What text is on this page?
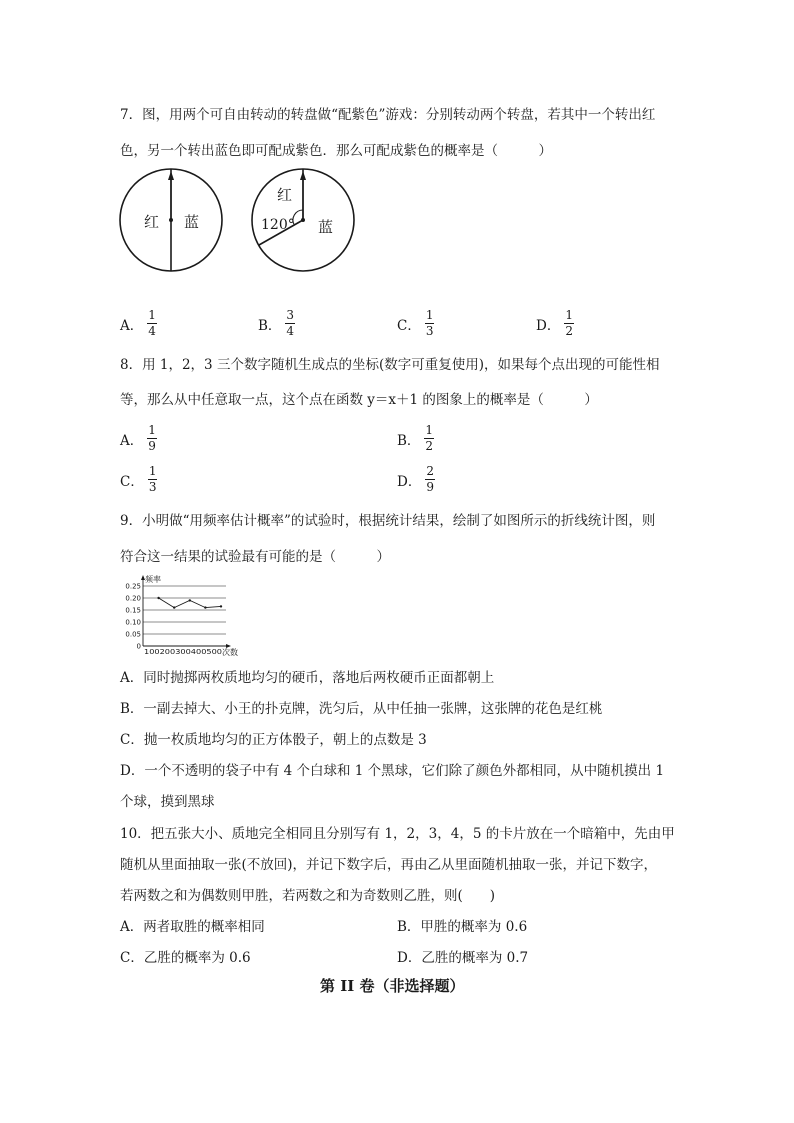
7．图，用两个可自由转动的转盘做“配紫色”游戏：分别转动两个转盘，若其中一个转出红
色，另一个转出蓝色即可配成紫色．那么可配成紫色的概率是（　　　）
红 蓝
红
120° 蓝
A． $\frac{1}{4}$	B． $\frac{3}{4}$	C． $\frac{1}{3}$	D． $\frac{1}{2}$
8．用 1，2，3 三个数字随机生成点的坐标(数字可重复使用)，如果每个点出现的可能性相
等，那么从中任意取一点，这个点在函数 y＝x＋1 的图象上的概率是（　　　）
A． $\frac{1}{9}$	B． $\frac{1}{2}$
C． $\frac{1}{3}$	D． $\frac{2}{9}$
9．小明做“用频率估计概率”的试验时，根据统计结果，绘制了如图所示的折线统计图，则
符合这一结果的试验最有可能的是（　　　）
频率
次数
100200300400500
0.25
0.20
0.15
0.10
0.05
0
A．同时抛掷两枚质地均匀的硬币，落地后两枚硬币正面都朝上
B．一副去掉大、小王的扑克牌，洗匀后，从中任抽一张牌，这张牌的花色是红桃
C．抛一枚质地均匀的正方体骰子，朝上的点数是 3
D．一个不透明的袋子中有 4 个白球和 1 个黑球，它们除了颜色外都相同，从中随机摸出 1
个球，摸到黑球
10．把五张大小、质地完全相同且分别写有 1，2，3，4，5 的卡片放在一个暗箱中，先由甲
随机从里面抽取一张(不放回)，并记下数字后，再由乙从里面随机抽取一张，并记下数字，
若两数之和为偶数则甲胜，若两数之和为奇数则乙胜，则(　　)
A．两者取胜的概率相同	B．甲胜的概率为 0.6
C．乙胜的概率为 0.6	D．乙胜的概率为 0.7
第 II 卷（非选择题）
